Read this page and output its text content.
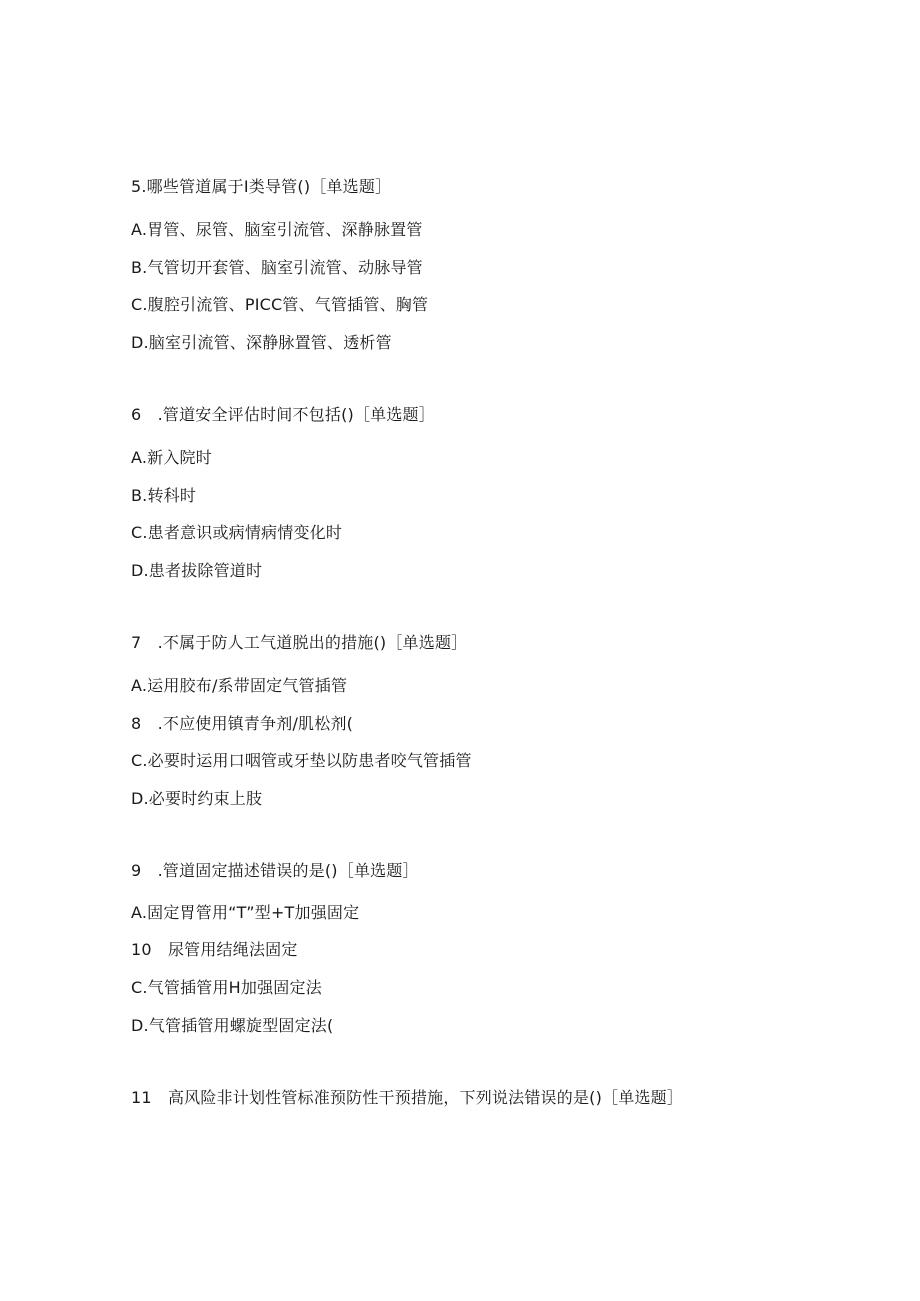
5.哪些管道属于I类导管()［单选题］
A.胃管、尿管、脑室引流管、深静脉置管
B.气管切开套管、脑室引流管、动脉导管
C.腹腔引流管、PICC管、气管插管、胸管
D.脑室引流管、深静脉置管、透析管
6　.管道安全评估时间不包括()［单选题］
A.新入院时
B.转科时
C.患者意识或病情病情变化时
D.患者拔除管道时
7　.不属于防人工气道脱出的措施()［单选题］
A.运用胶布/系带固定气管插管
8　.不应使用镇青争剂/肌松剂(
C.必要时运用口咽管或牙垫以防患者咬气管插管
D.必要时约束上肢
9　.管道固定描述错误的是()［单选题］
A.固定胃管用“T”型+T加强固定
10　尿管用结绳法固定
C.气管插管用H加强固定法
D.气管插管用螺旋型固定法(
11　高风险非计划性管标准预防性干预措施，下列说法错误的是()［单选题］
